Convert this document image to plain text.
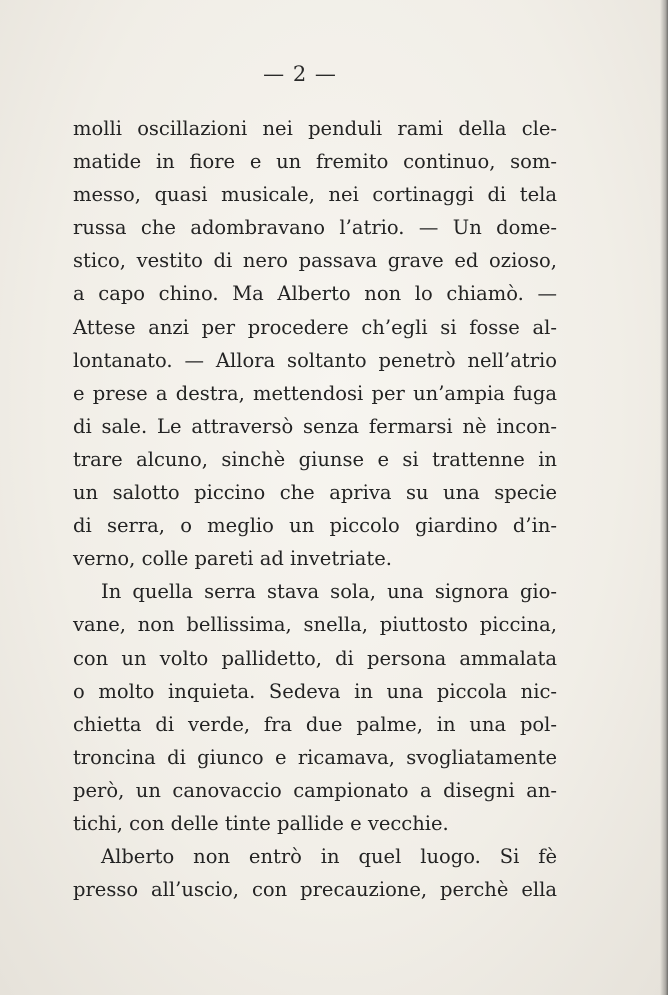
— 2 —
molli oscillazioni nei penduli rami della cle-
matide in fiore e un fremito continuo, som-
messo, quasi musicale, nei cortinaggi di tela
russa che adombravano l’atrio. — Un dome-
stico, vestito di nero passava grave ed ozioso,
a capo chino. Ma Alberto non lo chiamò. —
Attese anzi per procedere ch’egli si fosse al-
lontanato. — Allora soltanto penetrò nell’atrio
e prese a destra, mettendosi per un’ampia fuga
di sale. Le attraversò senza fermarsi nè incon-
trare alcuno, sinchè giunse e si trattenne in
un salotto piccino che apriva su una specie
di serra, o meglio un piccolo giardino d’in-
verno, colle pareti ad invetriate.
In quella serra stava sola, una signora gio-
vane, non bellissima, snella, piuttosto piccina,
con un volto pallidetto, di persona ammalata
o molto inquieta. Sedeva in una piccola nic-
chietta di verde, fra due palme, in una pol-
troncina di giunco e ricamava, svogliatamente
però, un canovaccio campionato a disegni an-
tichi, con delle tinte pallide e vecchie.
Alberto non entrò in quel luogo. Si fè
presso all’uscio, con precauzione, perchè ella
